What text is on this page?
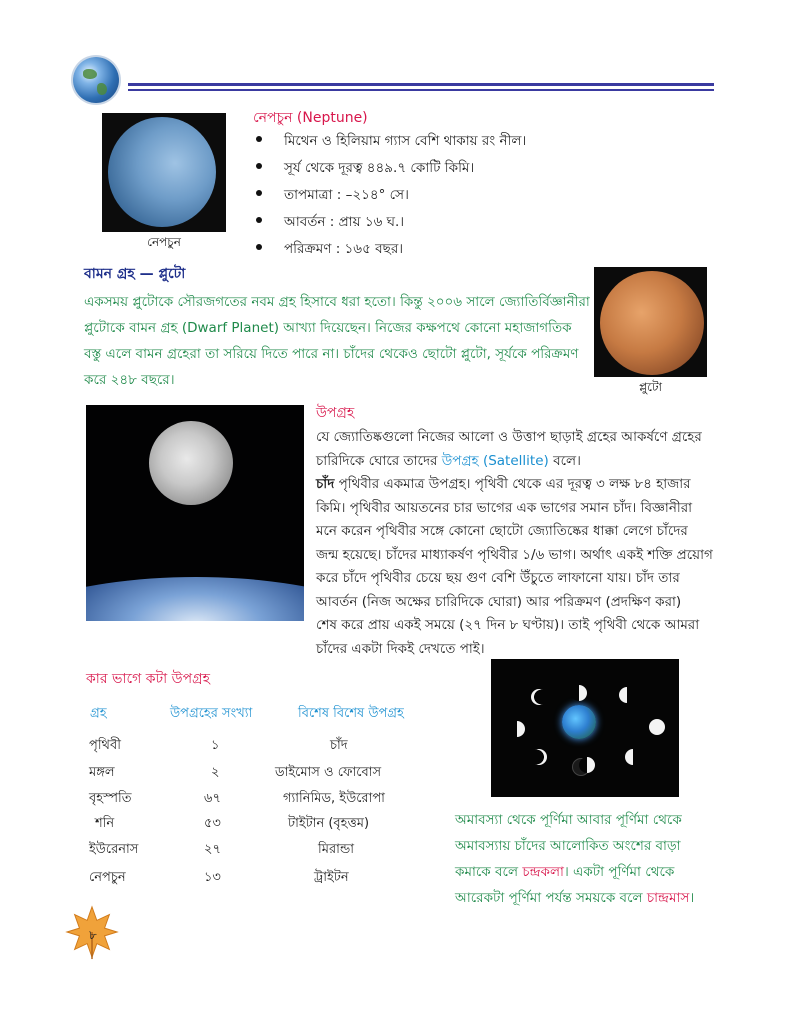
নেপচুন
নেপচুন (Neptune)
মিথেন ও হিলিয়াম গ্যাস বেশি থাকায় রং নীল।
সূর্য থেকে দূরত্ব ৪৪৯.৭ কোটি কিমি।
তাপমাত্রা : –২১৪° সে।
আবর্তন : প্রায় ১৬ ঘ.।
পরিক্রমণ : ১৬৫ বছর।
বামন গ্রহ — প্লুটো
একসময় প্লুটোকে সৌরজগতের নবম গ্রহ হিসাবে ধরা হতো। কিন্তু ২০০৬ সালে জ্যোতির্বিজ্ঞানীরা
প্লুটোকে বামন গ্রহ (Dwarf Planet) আখ্যা দিয়েছেন। নিজের কক্ষপথে কোনো মহাজাগতিক
বস্তু এলে বামন গ্রহেরা তা সরিয়ে দিতে পারে না। চাঁদের থেকেও ছোটো প্লুটো, সূর্যকে পরিক্রমণ
করে ২৪৮ বছরে।	প্লুটো
উপগ্রহ
যে জ্যোতিষ্কগুলো নিজের আলো ও উত্তাপ ছাড়াই গ্রহের আকর্ষণে গ্রহের
চারিদিকে ঘোরে তাদের উপগ্রহ (Satellite) বলে।
চাঁদ পৃথিবীর একমাত্র উপগ্রহ। পৃথিবী থেকে এর দূরত্ব ৩ লক্ষ ৮৪ হাজার
কিমি। পৃথিবীর আয়তনের চার ভাগের এক ভাগের সমান চাঁদ। বিজ্ঞানীরা
মনে করেন পৃথিবীর সঙ্গে কোনো ছোটো জ্যোতিষ্কের ধাক্কা লেগে চাঁদের
জন্ম হয়েছে। চাঁদের মাধ্যাকর্ষণ পৃথিবীর ১/৬ ভাগ। অর্থাৎ একই শক্তি প্রয়োগ
করে চাঁদে পৃথিবীর চেয়ে ছয় গুণ বেশি উঁচুতে লাফানো যায়। চাঁদ তার
আবর্তন (নিজ অক্ষের চারিদিকে ঘোরা) আর পরিক্রমণ (প্রদক্ষিণ করা)
শেষ করে প্রায় একই সময়ে (২৭ দিন ৮ ঘণ্টায়)। তাই পৃথিবী থেকে আমরা
চাঁদের একটা দিকই দেখতে পাই।
কার ভাগে কটা উপগ্রহ
গ্রহ	উপগ্রহের সংখ্যা	বিশেষ বিশেষ উপগ্রহ
পৃথিবী	১	চাঁদ
মঙ্গল	২	ডাইমোস ও ফোবোস
বৃহস্পতি	৬৭	গ্যানিমিড, ইউরোপা
শনি	৫৩	টাইটান (বৃহত্তম)
ইউরেনাস	২৭	মিরান্ডা
নেপচুন	১৩	ট্রাইটন
অমাবস্যা থেকে পূর্ণিমা আবার পূর্ণিমা থেকে
অমাবস্যায় চাঁদের আলোকিত অংশের বাড়া
কমাকে বলে চন্দ্রকলা। একটা পূর্ণিমা থেকে
আরেকটা পূর্ণিমা পর্যন্ত সময়কে বলে চান্দ্রমাস।
৮
